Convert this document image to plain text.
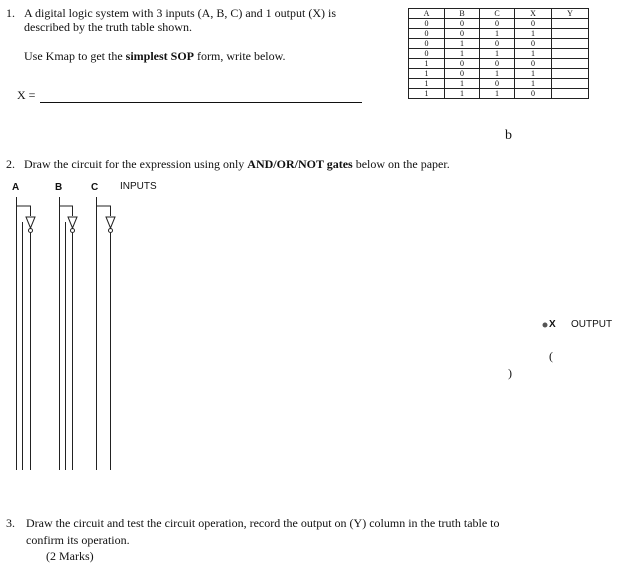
1. A digital logic system with 3 inputs (A, B, C) and 1 output (X) is
described by the truth table shown.
Use Kmap to get the simplest SOP form, write below.
X =
A	B	C	X	Y
0	0	0	0	
0	0	1	1	
0	1	0	0	
0	1	1	1	
1	0	0	0	
1	0	1	1	
1	1	0	1	
1	1	1	0	
b
)
(
2. Draw the circuit for the expression using only AND/OR/NOT gates below on the paper.
A	B	C INPUTS
X OUTPUT
3. Draw the circuit and test the circuit operation, record the output on (Y) column in the truth table to
confirm its operation.
(2 Marks)
